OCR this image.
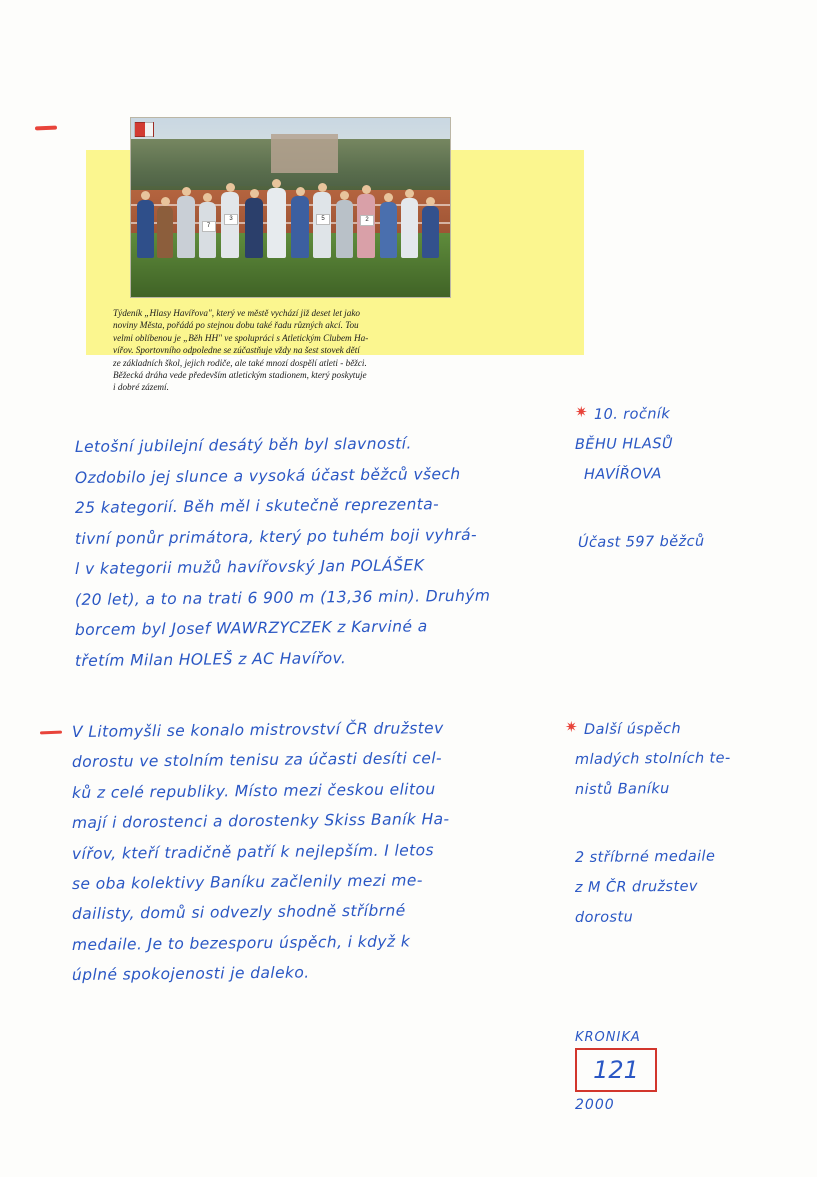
7
3	5	2
Týdeník „Hlasy Havířova", který ve městě vychází již deset let jako
noviny Města, pořádá po stejnou dobu také řadu různých akcí. Tou
velmi oblíbenou je „Běh HH" ve spolupráci s Atletickým Clubem Ha-
vířov. Sportovního odpoledne se zúčastňuje vždy na šest stovek dětí
ze základních škol, jejich rodiče, ale také mnozí dospělí atleti - běžci.
Běžecká dráha vede především atletickým stadionem, který poskytuje
i dobré zázemí.
Letošní jubilejní desátý běh byl slavností.
Ozdobilo jej slunce a vysoká účast běžců všech
25 kategorií. Běh měl i skutečně reprezenta-
tivní ponůr primátora, který po tuhém boji vyhrá-
l v kategorii mužů havířovský Jan POLÁŠEK
(20 let), a to na trati 6 900 m (13,36 min). Druhým
borcem byl Josef WAWRZYCZEK z Karviné a
třetím Milan HOLEŠ z AC Havířov.
V Litomyšli se konalo mistrovství ČR družstev
dorostu ve stolním tenisu za účasti desíti cel-
ků z celé republiky. Místo mezi českou elitou
mají i dorostenci a dorostenky Skiss Baník Ha-
vířov, kteří tradičně patří k nejlepším. I letos
se oba kolektivy Baníku začlenily mezi me-
dailisty, domů si odvezly shodně stříbrné
medaile. Je to bezesporu úspěch, i když k
úplné spokojenosti je daleko.
✷ 10. ročník
BĚHU HLASŮ
HAVÍŘOVA
Účast 597 běžců
✷ Další úspěch
mladých stolních te-
nistů Baníku
2 stříbrné medaile
z M ČR družstev
dorostu
KRONIKA
121
2000
